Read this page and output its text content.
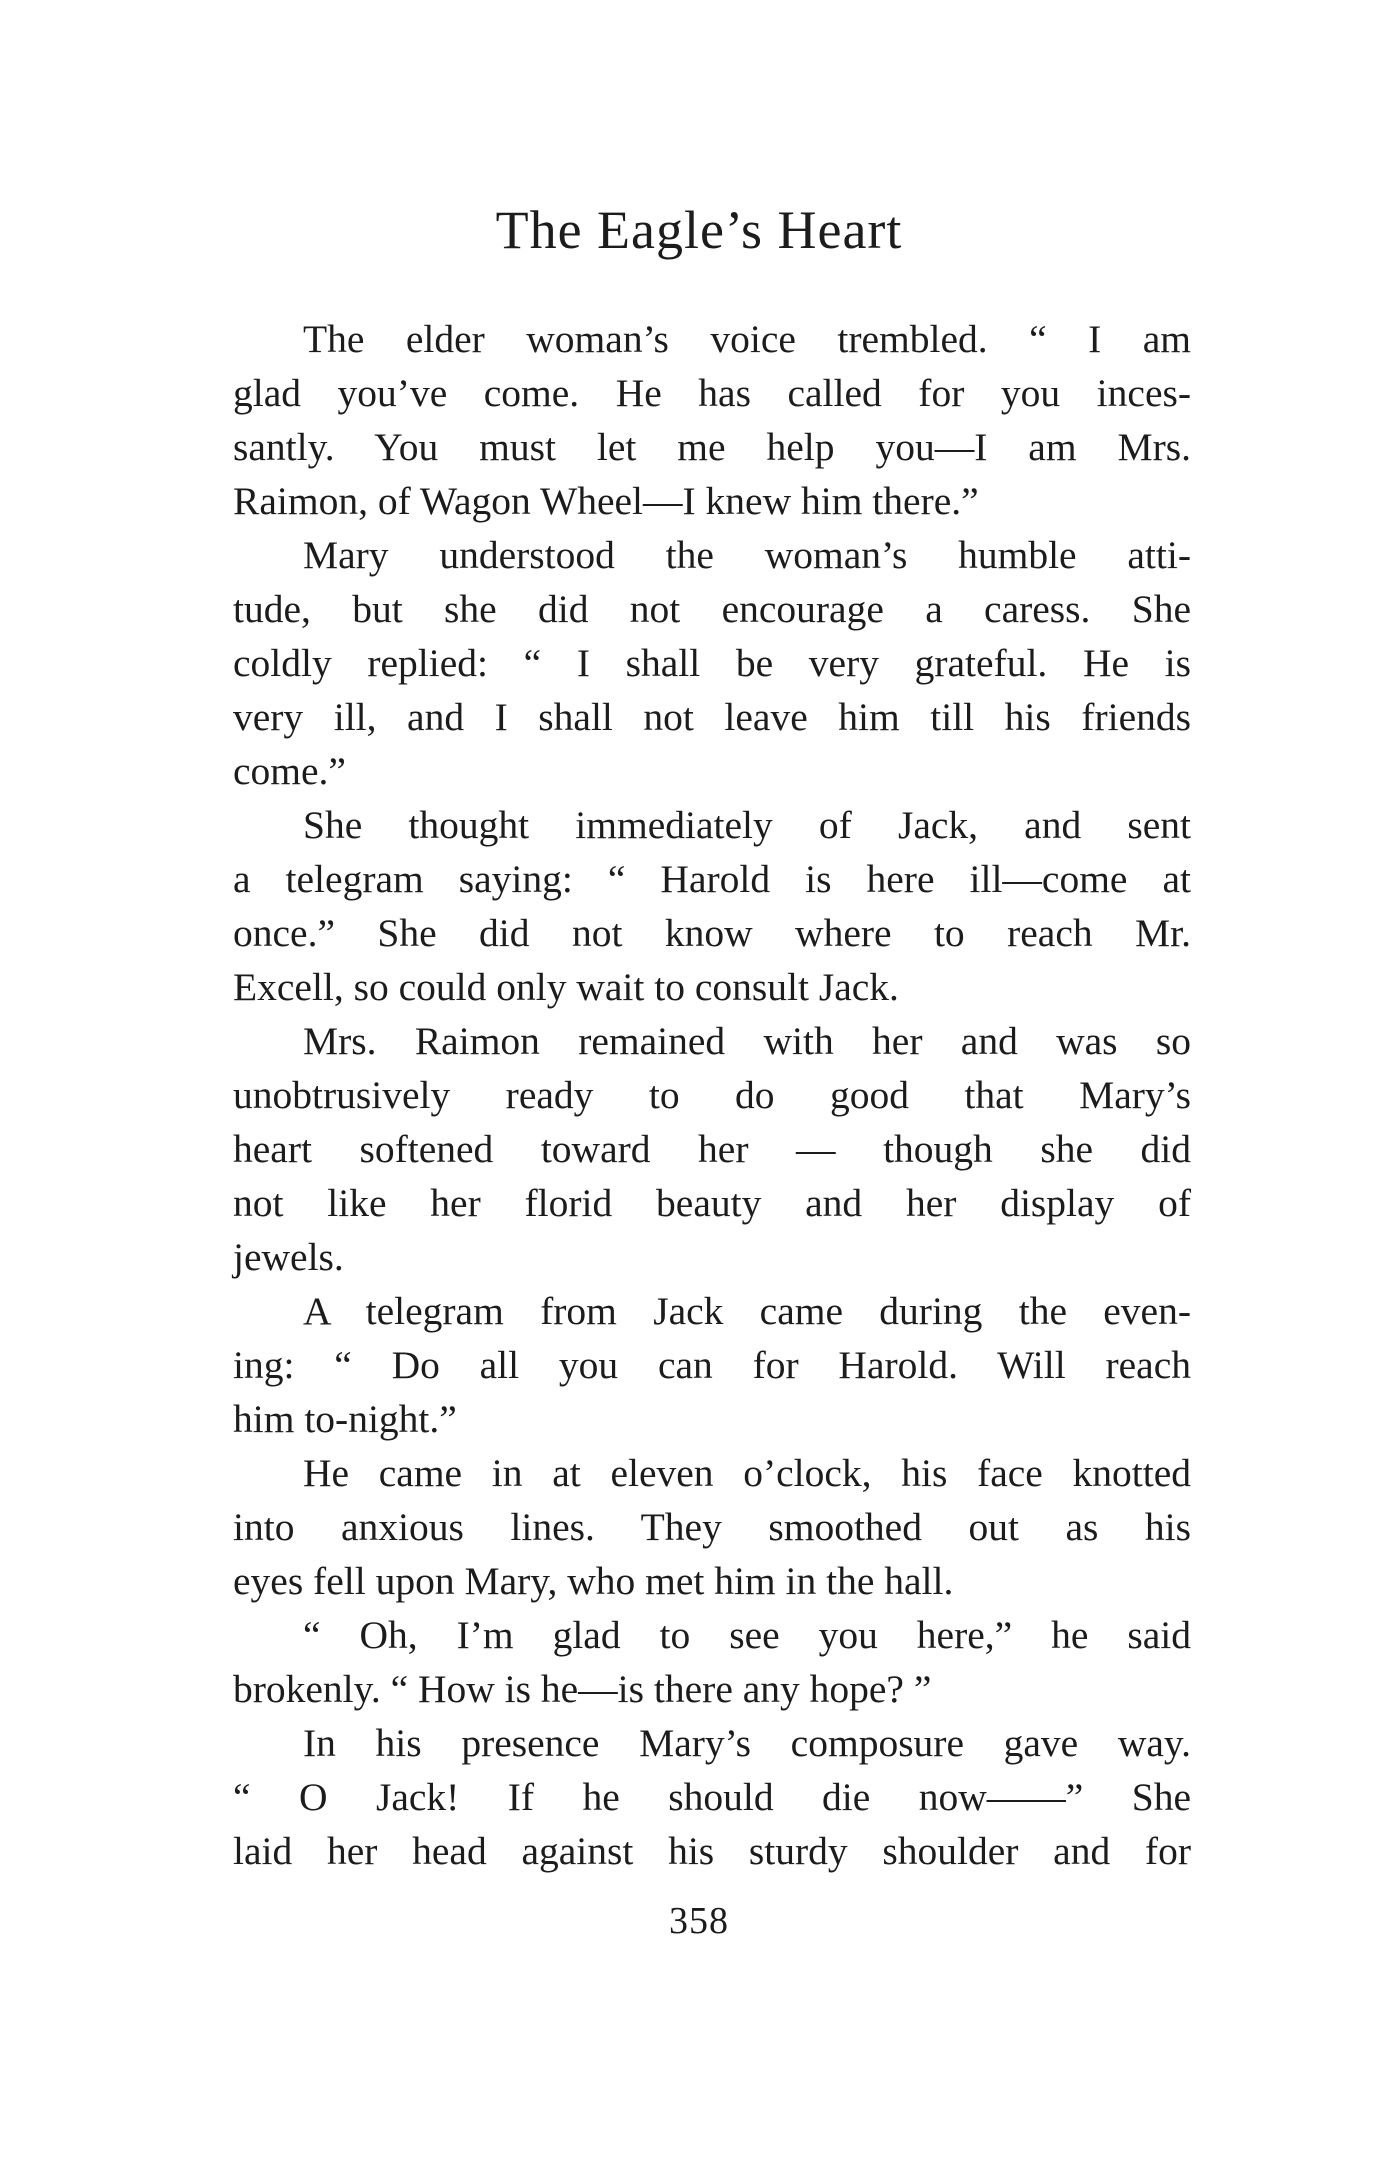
The Eagle’s Heart

The elder woman’s voice trembled. “ I am

glad you’ve come. He has called for you inces-

santly. You must let me help you—I am Mrs.

Raimon, of Wagon Wheel—I knew him there.”

Mary understood the woman’s humble atti-

tude, but she did not encourage a caress. She

coldly replied: “ I shall be very grateful. He is

very ill, and I shall not leave him till his friends

come.”

She thought immediately of Jack, and sent

a telegram saying: “ Harold is here ill—come at

once.” She did not know where to reach Mr.

Excell, so could only wait to consult Jack.

Mrs. Raimon remained with her and was so

unobtrusively ready to do good that Mary’s

heart softened toward her — though she did

not like her florid beauty and her display of

jewels.

A telegram from Jack came during the even-

ing: “ Do all you can for Harold. Will reach

him to-night.”

He came in at eleven o’clock, his face knotted

into anxious lines. They smoothed out as his

eyes fell upon Mary, who met him in the hall.

“ Oh, I’m glad to see you here,” he said

brokenly. “ How is he—is there any hope? ”

In his presence Mary’s composure gave way.

“ O Jack! If he should die now——” She

laid her head against his sturdy shoulder and for

358
